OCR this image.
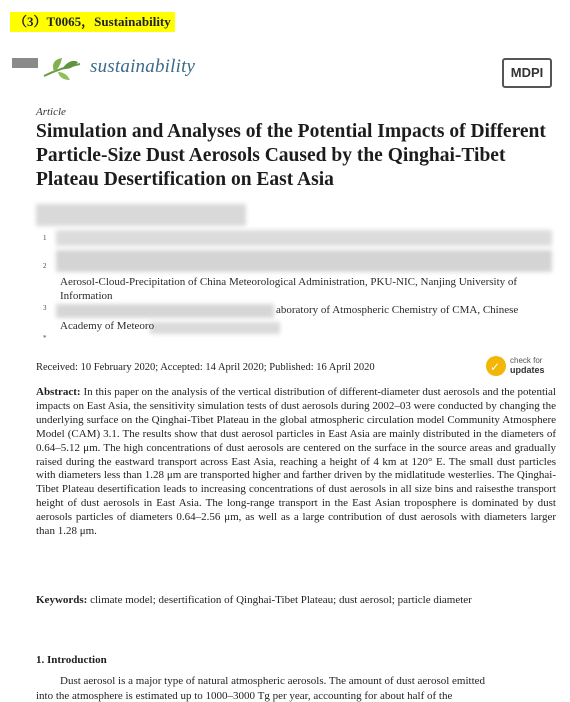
（3）T0065，Sustainability
sustainability	MDPI
Article
Simulation and Analyses of the Potential Impacts of Different Particle-Size Dust Aerosols Caused by the Qinghai-Tibet Plateau Desertification on East Asia
1
2
3
*
Aerosol-Cloud-Precipitation of China Meteorological Administration, PKU-NIC, Nanjing University of
Information
aboratory of Atmospheric Chemistry of CMA, Chinese
Academy of Meteoro
Received: 10 February 2020; Accepted: 14 April 2020; Published: 16 April 2020	✓ check for
updates
Abstract: In this paper on the analysis of the vertical distribution of different-diameter dust aerosols and the potential impacts on East Asia, the sensitivity simulation tests of dust aerosols during 2002–03 were conducted by changing the underlying surface on the Qinghai-Tibet Plateau in the global atmospheric circulation model Community Atmosphere Model (CAM) 3.1. The results show that dust aerosol particles in East Asia are mainly distributed in the diameters of 0.64–5.12 μm. The high concentrations of dust aerosols are centered on the surface in the source areas and gradually raised during the eastward transport across East Asia, reaching a height of 4 km at 120° E. The small dust particles with diameters less than 1.28 μm are transported higher and farther driven by the midlatitude westerlies. The Qinghai-Tibet Plateau desertification leads to increasing concentrations of dust aerosols in all size bins and raisesthe transport height of dust aerosols in East Asia. The long-range transport in the East Asian troposphere is dominated by dust aerosols particles of diameters 0.64–2.56 μm, as well as a large contribution of dust aerosols with diameters larger than 1.28 μm.
Keywords: climate model; desertification of Qinghai-Tibet Plateau; dust aerosol; particle diameter
1. Introduction
Dust aerosol is a major type of natural atmospheric aerosols. The amount of dust aerosol emitted
into the atmosphere is estimated up to 1000–3000 Tg per year, accounting for about half of the
